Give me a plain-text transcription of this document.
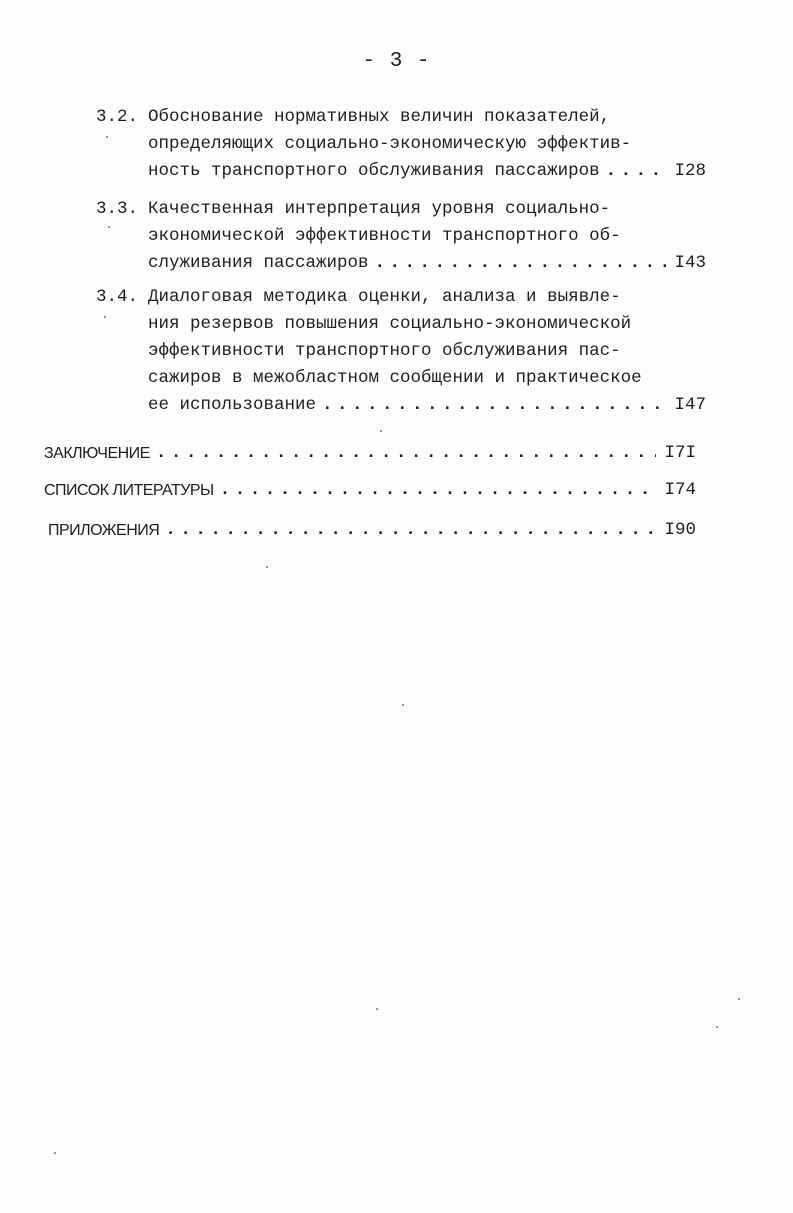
- 3 -
3.2. Обоснование нормативных величин показателей,
определяющих социально-экономическую эффектив-
ность транспортного обслуживания пассажиров . . .	I28
3.3. Качественная интерпретация уровня социально-
экономической эффективности транспортного об-
служивания пассажиров . . .	I43
3.4. Диалоговая методика оценки, анализа и выявле-
ния резервов повышения социально-экономической
эффективности транспортного обслуживания пас-
сажиров в межобластном сообщении и практическое
ее использование . . .	I47
ЗАКЛЮЧЕНИЕ . . .	I7I
СПИСОК ЛИТЕРАТУРЫ . . .	I74
ПРИЛОЖЕНИЯ . . .	I90
